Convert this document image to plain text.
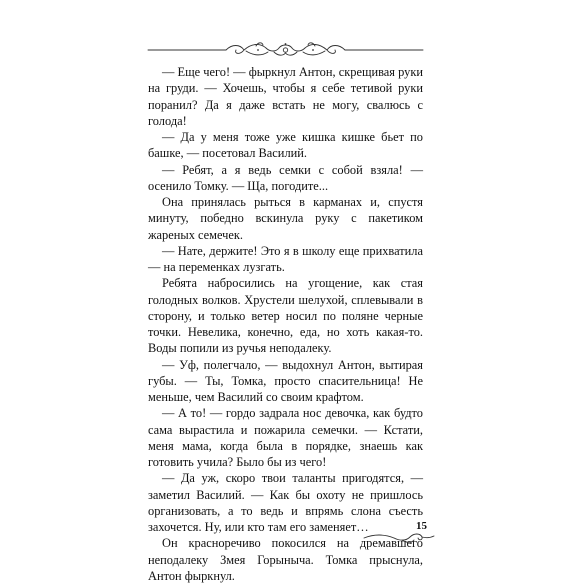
— Еще чего! — фыркнул Антон, скрещивая руки на груди. — Хочешь, чтобы я себе тетивой руки поранил? Да я даже встать не могу, свалюсь с голода!

— Да у меня тоже уже кишка кишке бьет по башке, — посетовал Василий.

— Ребят, а я ведь семки с собой взяла! — осенило Томку. — Ща, погодите...

Она принялась рыться в карманах и, спустя минуту, победно вскинула руку с пакетиком жареных семечек.

— Нате, держите! Это я в школу еще прихватила — на переменках лузгать.

Ребята набросились на угощение, как стая голодных волков. Хрустели шелухой, сплевывали в сторону, и только ветер носил по поляне черные точки. Невелика, конечно, еда, но хоть какая-то. Воды попили из ручья неподалеку.

— Уф, полегчало, — выдохнул Антон, вытирая губы. — Ты, Томка, просто спасительница! Не меньше, чем Василий со своим крафтом.

— А то! — гордо задрала нос девочка, как будто сама вырастила и пожарила семечки. — Кстати, меня мама, когда была в порядке, знаешь как готовить учила? Было бы из чего!

— Да уж, скоро твои таланты пригодятся, — заметил Василий. — Как бы охоту не пришлось организовать, а то ведь и впрямь слона съесть захочется. Ну, или кто там его заменяет…

Он красноречиво покосился на дремавшего неподалеку Змея Горыныча. Томка прыснула, Антон фыркнул.

15
